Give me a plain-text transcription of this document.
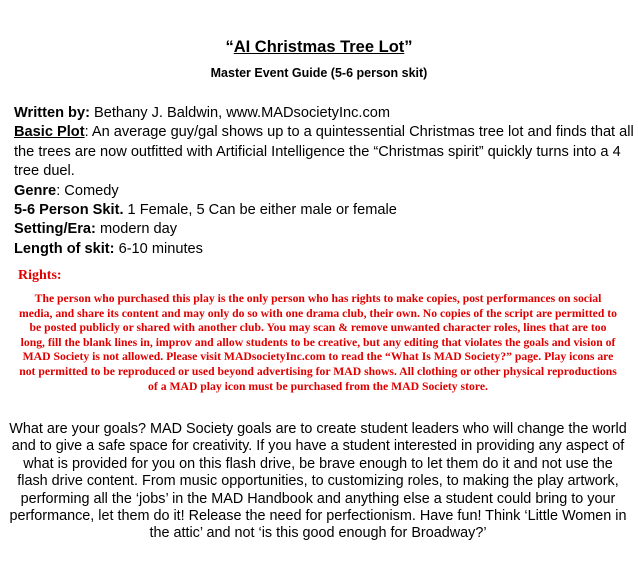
“AI Christmas Tree Lot”
Master Event Guide (5-6 person skit)

Written by: Bethany J. Baldwin, www.MADsocietyInc.com

Basic Plot: An average guy/gal shows up to a quintessential Christmas tree lot and finds that all the trees are now outfitted with Artificial Intelligence the “Christmas spirit” quickly turns into a 4 tree duel.

Genre: Comedy

5-6 Person Skit. 1 Female, 5 Can be either male or female

Setting/Era: modern day

Length of skit: 6-10 minutes

Rights:

The person who purchased this play is the only person who has rights to make copies, post performances on social media, and share its content and may only do so with one drama club, their own. No copies of the script are permitted to be posted publicly or shared with another club. You may scan & remove unwanted character roles, lines that are too long, fill the blank lines in, improv and allow students to be creative, but any editing that violates the goals and vision of MAD Society is not allowed. Please visit MADsocietyInc.com to read the “What Is MAD Society?” page. Play icons are not permitted to be reproduced or used beyond advertising for MAD shows. All clothing or other physical reproductions of a MAD play icon must be purchased from the MAD Society store.

What are your goals? MAD Society goals are to create student leaders who will change the world and to give a safe space for creativity. If you have a student interested in providing any aspect of what is provided for you on this flash drive, be brave enough to let them do it and not use the flash drive content. From music opportunities, to customizing roles, to making the play artwork, performing all the ‘jobs’ in the MAD Handbook and anything else a student could bring to your performance, let them do it! Release the need for perfectionism. Have fun! Think ‘Little Women in the attic’ and not ‘is this good enough for Broadway?’
